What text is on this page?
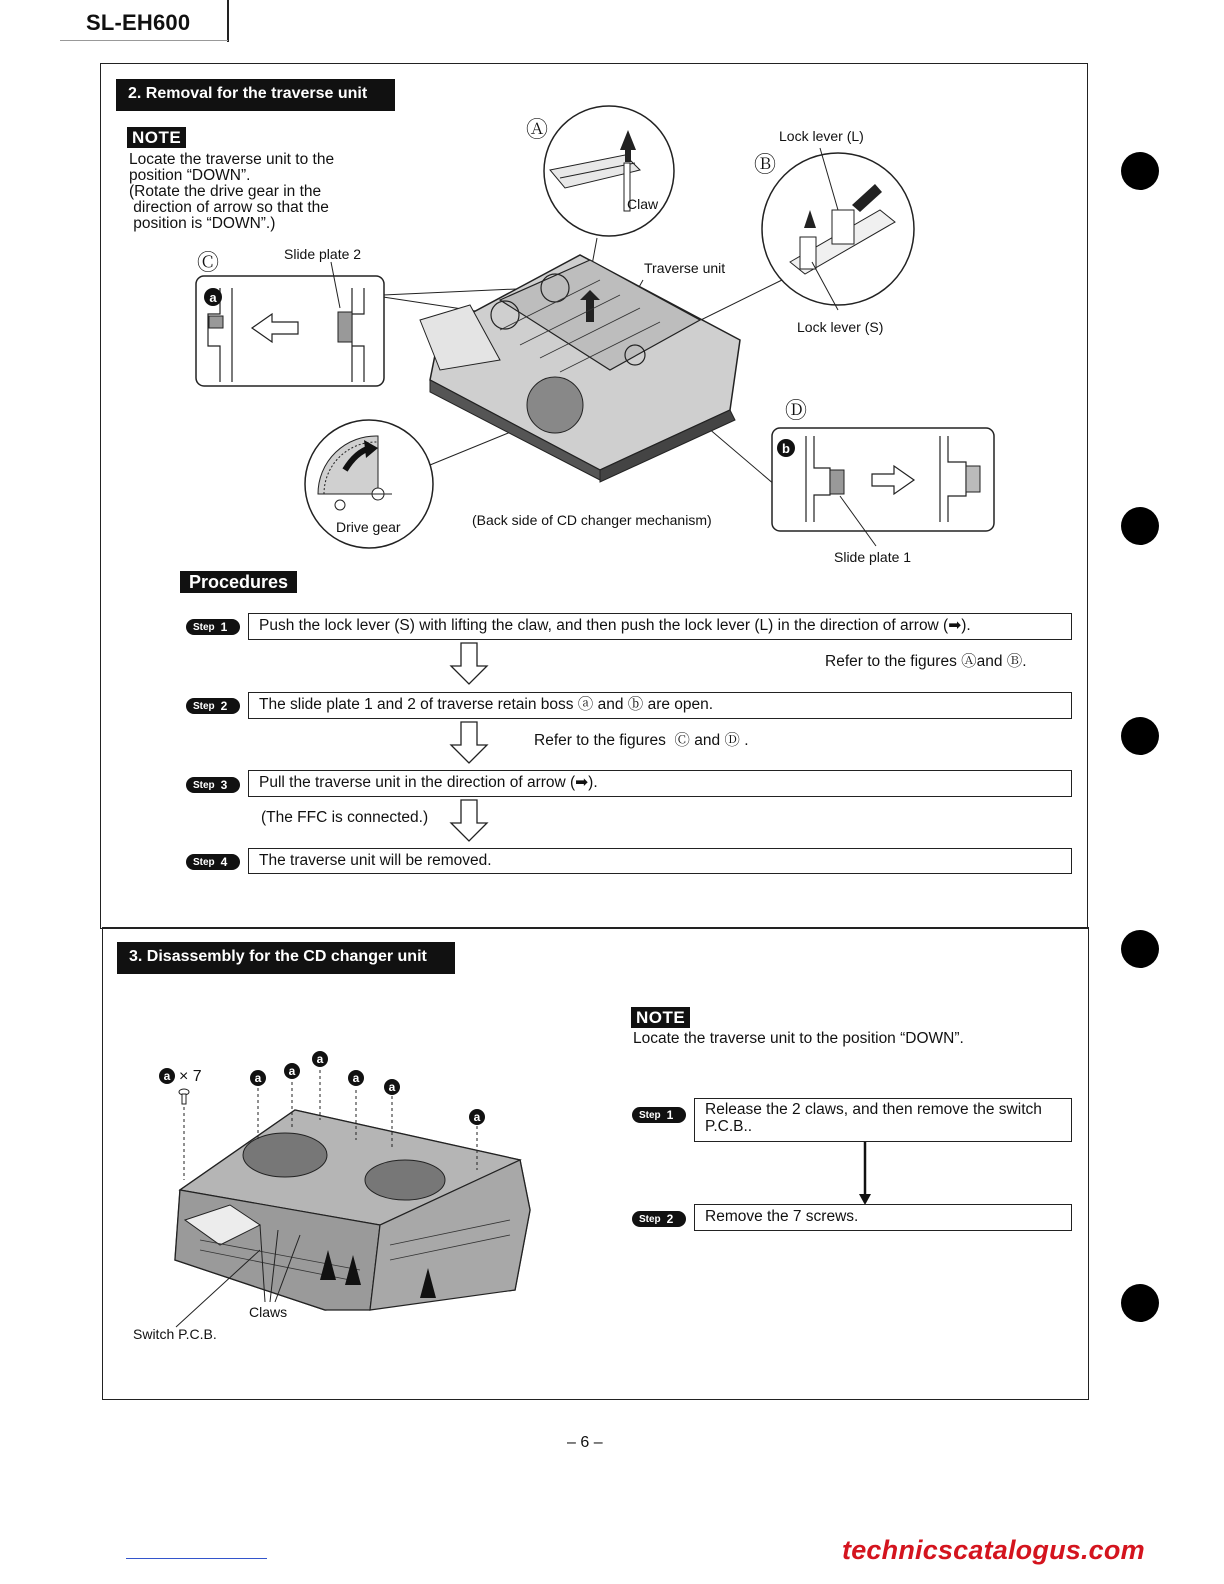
SL-EH600
2. Removal for the traverse unit
NOTE
Locate the traverse unit to the
position “DOWN”.
(Rotate the drive gear in the
direction of arrow so that the
position is “DOWN”.)
a
b
Ⓐ
Ⓑ
Ⓒ
Ⓓ
Claw
Lock lever (L)
Lock lever (S)
Slide plate 2
Slide plate 1
Traverse unit
Drive gear	(Back side of CD changer mechanism)
Procedures
Step 1	Push the lock lever (S) with lifting the claw, and then push the lock lever (L) in the direction of arrow (➡).
Refer to the figures Ⓐand Ⓑ.
Step 2	The slide plate 1 and 2 of traverse retain boss ⓐ and ⓑ are open.
Refer to the figures  Ⓒ and Ⓓ .
Step 3	Pull the traverse unit in the direction of arrow (➡).
(The FFC is connected.)
Step 4	The traverse unit will be removed.
3. Disassembly for the CD changer unit
NOTE
Locate the traverse unit to the position “DOWN”.
Step 1	Release the 2 claws, and then remove the switch P.C.B..
Step 2	Remove the 7 screws.
a	a a
a
a
a
a
× 7
Claws
Switch P.C.B.
– 6 –
technicscatalogus.com
